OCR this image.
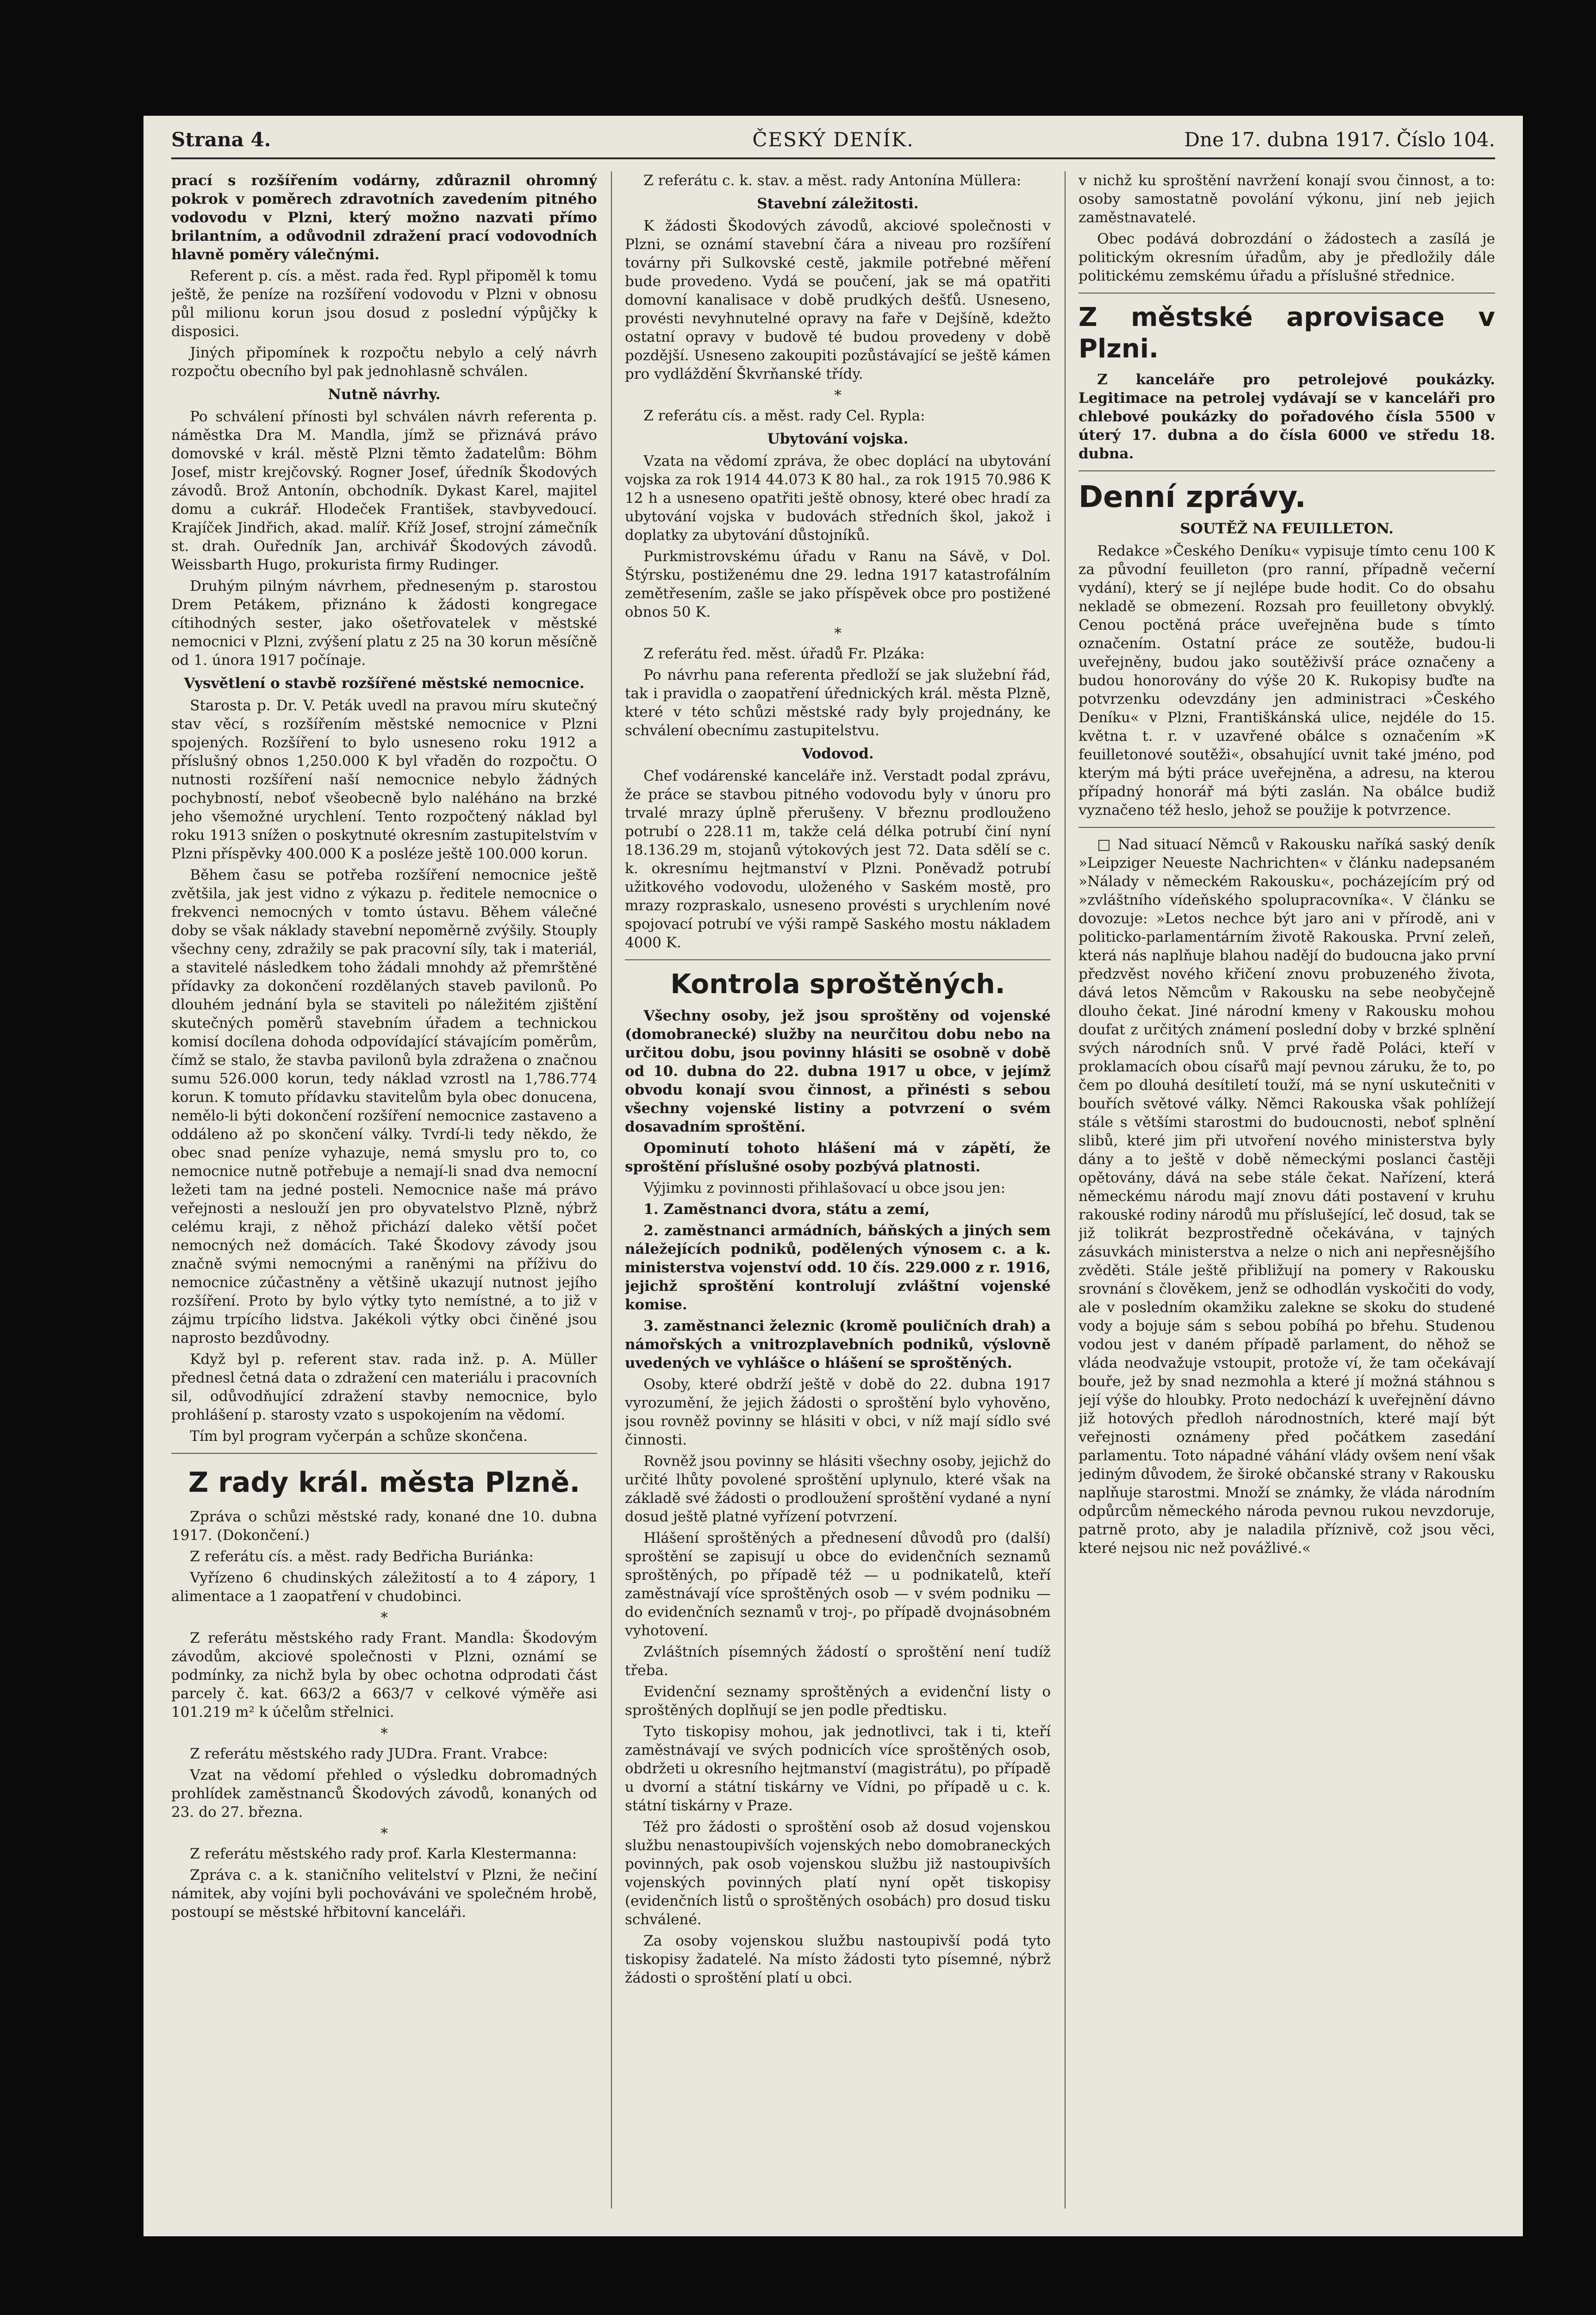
Strana 4.	ČESKÝ DENÍK.	Dne 17. dubna 1917. Číslo 104.

prací s rozšířením vodárny, zdůraznil ohromný pokrok v poměrech zdravotních zavedením pitného vodovodu v Plzni, který možno nazvati přímo brilantním, a odůvodnil zdražení prací vodovodních hlavně poměry válečnými.

Referent p. cís. a měst. rada řed. Rypl připoměl k tomu ještě, že peníze na rozšíření vodovodu v Plzni v obnosu půl milionu korun jsou dosud z poslední výpůjčky k disposici.

Jiných připomínek k rozpočtu nebylo a celý návrh rozpočtu obecního byl pak jednohlasně schválen.

Nutně návrhy.

Po schválení přínosti byl schválen návrh referenta p. náměstka Dra M. Mandla, jímž se přiznává právo domovské v král. městě Plzni těmto žadatelům: Böhm Josef, mistr krejčovský. Rogner Josef, úředník Škodových závodů. Brož Antonín, obchodník. Dykast Karel, majitel domu a cukrář. Hlodeček František, stavbyvedoucí. Krajíček Jindřich, akad. malíř. Kříž Josef, strojní zámečník st. drah. Ouředník Jan, archivář Škodových závodů. Weissbarth Hugo, prokurista firmy Rudinger.

Druhým pilným návrhem, předneseným p. starostou Drem Petákem, přiznáno k žádosti kongregace cítihodných sester, jako ošetřovatelek v městské nemocnici v Plzni, zvýšení platu z 25 na 30 korun měsíčně od 1. února 1917 počínaje.

Vysvětlení o stavbě rozšířené městské nemocnice.

Starosta p. Dr. V. Peták uvedl na pravou míru skutečný stav věcí, s rozšířením městské nemocnice v Plzni spojených. Rozšíření to bylo usneseno roku 1912 a příslušný obnos 1,250.000 K byl vřaděn do rozpočtu. O nutnosti rozšíření naší nemocnice nebylo žádných pochybností, neboť všeobecně bylo naléháno na brzké jeho všemožné urychlení. Tento rozpočtený náklad byl roku 1913 snížen o poskytnuté okresním zastupitelstvím v Plzni příspěvky 400.000 K a posléze ještě 100.000 korun.

Během času se potřeba rozšíření nemocnice ještě zvětšila, jak jest vidno z výkazu p. ředitele nemocnice o frekvenci nemocných v tomto ústavu. Během válečné doby se však náklady stavební nepoměrně zvýšily. Stouply všechny ceny, zdražily se pak pracovní síly, tak i materiál, a stavitelé následkem toho žádali mnohdy až přemrštěné přídavky za dokončení rozdělaných staveb pavilonů. Po dlouhém jednání byla se staviteli po náležitém zjištění skutečných poměrů stavebním úřadem a technickou komisí docílena dohoda odpovídající stávajícím poměrům, čímž se stalo, že stavba pavilonů byla zdražena o značnou sumu 526.000 korun, tedy náklad vzrostl na 1,786.774 korun. K tomuto přídavku stavitelům byla obec donucena, nemělo-li býti dokončení rozšíření nemocnice zastaveno a oddáleno až po skončení války. Tvrdí-li tedy někdo, že obec snad peníze vyhazuje, nemá smyslu pro to, co nemocnice nutně potřebuje a nemají-li snad dva nemocní ležeti tam na jedné posteli. Nemocnice naše má právo veřejnosti a neslouží jen pro obyvatelstvo Plzně, nýbrž celému kraji, z něhož přichází daleko větší počet nemocných než domácích. Také Škodovy závody jsou značně svými nemocnými a raněnými na příživu do nemocnice zúčastněny a většině ukazují nutnost jejího rozšíření. Proto by bylo výtky tyto nemístné, a to již v zájmu trpícího lidstva. Jakékoli výtky obci činěné jsou naprosto bezdůvodny.

Když byl p. referent stav. rada inž. p. A. Müller přednesl četná data o zdražení cen materiálu i pracovních sil, odůvodňující zdražení stavby nemocnice, bylo prohlášení p. starosty vzato s uspokojením na vědomí.

Tím byl program vyčerpán a schůze skončena.

Z rady král. města Plzně.

Zpráva o schůzi městské rady, konané dne 10. dubna 1917. (Dokončení.)

Z referátu cís. a měst. rady Bedřicha Buriánka:

Vyřízeno 6 chudinských záležitostí a to 4 zápory, 1 alimentace a 1 zaopatření v chudobinci.

*

Z referátu městského rady Frant. Mandla: Škodovým závodům, akciové společnosti v Plzni, oznámí se podmínky, za nichž byla by obec ochotna odprodati část parcely č. kat. 663/2 a 663/7 v celkové výměře asi 101.219 m² k účelům střelnici.

*

Z referátu městského rady JUDra. Frant. Vrabce:

Vzat na vědomí přehled o výsledku dobromadných prohlídek zaměstnanců Škodových závodů, konaných od 23. do 27. března.

*

Z referátu městského rady prof. Karla Klestermanna:

Zpráva c. a k. staničního velitelství v Plzni, že nečiní námitek, aby vojíni byli pochováváni ve společném hrobě, postoupí se městské hřbitovní kanceláři.

Z referátu c. k. stav. a měst. rady Antonína Müllera:

Stavební záležitosti.

K žádosti Škodových závodů, akciové společnosti v Plzni, se oznámí stavební čára a niveau pro rozšíření továrny při Sulkovské cestě, jakmile potřebné měření bude provedeno. Vydá se poučení, jak se má opatřiti domovní kanalisace v době prudkých dešťů. Usneseno, provésti nevyhnutelné opravy na faře v Dejšíně, kdežto ostatní opravy v budově té budou provedeny v době pozdější. Usneseno zakoupiti pozůstávající se ještě kámen pro vydláždění Škvrňanské třídy.

*

Z referátu cís. a měst. rady Cel. Rypla:

Ubytování vojska.

Vzata na vědomí zpráva, že obec doplácí na ubytování vojska za rok 1914 44.073 K 80 hal., za rok 1915 70.986 K 12 h a usneseno opatřiti ještě obnosy, které obec hradí za ubytování vojska v budovách středních škol, jakož i doplatky za ubytování důstojníků.

Purkmistrovskému úřadu v Ranu na Sávě, v Dol. Štýrsku, postiženému dne 29. ledna 1917 katastrofálním zemětřesením, zašle se jako příspěvek obce pro postižené obnos 50 K.

*

Z referátu řed. měst. úřadů Fr. Plzáka:

Po návrhu pana referenta předloží se jak služební řád, tak i pravidla o zaopatření úřednických král. města Plzně, které v této schůzi městské rady byly projednány, ke schválení obecnímu zastupitelstvu.

Vodovod.

Chef vodárenské kanceláře inž. Verstadt podal zprávu, že práce se stavbou pitného vodovodu byly v únoru pro trvalé mrazy úplně přerušeny. V březnu prodlouženo potrubí o 228.11 m, takže celá délka potrubí činí nyní 18.136.29 m, stojanů výtokových jest 72. Data sdělí se c. k. okresnímu hejtmanství v Plzni. Poněvadž potrubí užitkového vodovodu, uloženého v Saském mostě, pro mrazy rozpraskalo, usneseno provésti s urychlením nové spojovací potrubí ve výši rampě Saského mostu nákladem 4000 K.

Kontrola sproštěných.

Všechny osoby, jež jsou sproštěny od vojenské (domobranecké) služby na neurčitou dobu nebo na určitou dobu, jsou povinny hlásiti se osobně v době od 10. dubna do 22. dubna 1917 u obce, v jejímž obvodu konají svou činnost, a přinésti s sebou všechny vojenské listiny a potvrzení o svém dosavadním sproštění.

Opominutí tohoto hlášení má v zápětí, že sproštění příslušné osoby pozbývá platnosti.

Výjimku z povinnosti přihlašovací u obce jsou jen:

1. Zaměstnanci dvora, státu a zemí,

2. zaměstnanci armádních, báňských a jiných sem náležejících podniků, podělených výnosem c. a k. ministerstva vojenství odd. 10 čís. 229.000 z r. 1916, jejichž sproštění kontrolují zvláštní vojenské komise.

3. zaměstnanci železnic (kromě pouličních drah) a námořských a vnitrozplavebních podniků, výslovně uvedených ve vyhlášce o hlášení se sproštěných.

Osoby, které obdrží ještě v době do 22. dubna 1917 vyrozumění, že jejich žádosti o sproštění bylo vyhověno, jsou rovněž povinny se hlásiti v obci, v níž mají sídlo své činnosti.

Rovněž jsou povinny se hlásiti všechny osoby, jejichž do určité lhůty povolené sproštění uplynulo, které však na základě své žádosti o prodloužení sproštění vydané a nyní dosud ještě platné vyřízení potvrzení.

Hlášení sproštěných a přednesení důvodů pro (další) sproštění se zapisují u obce do evidenčních seznamů sproštěných, po případě též — u podnikatelů, kteří zaměstnávají více sproštěných osob — v svém podniku — do evidenčních seznamů v troj-, po případě dvojnásobném vyhotovení.

Zvláštních písemných žádostí o sproštění není tudíž třeba.

Evidenční seznamy sproštěných a evidenční listy o sproštěných doplňují se jen podle předtisku.

Tyto tiskopisy mohou, jak jednotlivci, tak i ti, kteří zaměstnávají ve svých podnicích více sproštěných osob, obdržeti u okresního hejtmanství (magistrátu), po případě u dvorní a státní tiskárny ve Vídni, po případě u c. k. státní tiskárny v Praze.

Též pro žádosti o sproštění osob až dosud vojenskou službu nenastoupivších vojenských nebo domobraneckých povinných, pak osob vojenskou službu již nastoupivších vojenských povinných platí nyní opět tiskopisy (evidenčních listů o sproštěných osobách) pro dosud tisku schválené.

Za osoby vojenskou službu nastoupivší podá tyto tiskopisy žadatelé. Na místo žádosti tyto písemné, nýbrž žádosti o sproštění platí u obci.

v nichž ku sproštění navržení konají svou činnost, a to: osoby samostatně povolání výkonu, jiní neb jejich zaměstnavatelé.

Obec podává dobrozdání o žádostech a zasílá je politickým okresním úřadům, aby je předložily dále politickému zemskému úřadu a příslušné střednice.

Z městské aprovisace v Plzni.

Z kanceláře pro petrolejové poukázky. Legitimace na petrolej vydávají se v kanceláři pro chlebové poukázky do pořadového čísla 5500 v úterý 17. dubna a do čísla 6000 ve středu 18. dubna.

Denní zprávy.

SOUTĚŽ NA FEUILLETON.

Redakce »Českého Deníku« vypisuje tímto cenu 100 K za původní feuilleton (pro ranní, případně večerní vydání), který se jí nejlépe bude hodit. Co do obsahu nekladě se obmezení. Rozsah pro feuilletony obvyklý. Cenou poctěná práce uveřejněna bude s tímto označením. Ostatní práce ze soutěže, budou-li uveřejněny, budou jako soutěživší práce označeny a budou honorovány do výše 20 K. Rukopisy buďte na potvrzenku odevzdány jen administraci »Českého Deníku« v Plzni, Františkánská ulice, nejdéle do 15. května t. r. v uzavřené obálce s označením »K feuilletonové soutěži«, obsahující uvnit také jméno, pod kterým má býti práce uveřejněna, a adresu, na kterou případný honorář má býti zaslán. Na obálce budiž vyznačeno též heslo, jehož se použije k potvrzence.

□ Nad situací Němců v Rakousku naříká saský deník »Leipziger Neueste Nachrichten« v článku nadepsaném »Nálady v německém Rakousku«, pocházejícím prý od »zvláštního vídeňského spolupracovníka«. V článku se dovozuje: »Letos nechce být jaro ani v přírodě, ani v politicko-parlamentárním životě Rakouska. První zeleň, která nás naplňuje blahou nadějí do budoucna jako první předzvěst nového křičení znovu probuzeného života, dává letos Němcům v Rakousku na sebe neobyčejně dlouho čekat. Jiné národní kmeny v Rakousku mohou doufat z určitých známení poslední doby v brzké splnění svých národních snů. V prvé řadě Poláci, kteří v proklamacích obou císařů mají pevnou záruku, že to, po čem po dlouhá desítiletí touží, má se nyní uskutečniti v bouřích světové války. Němci Rakouska však pohlížejí stále s většími starostmi do budoucnosti, neboť splnění slibů, které jim při utvoření nového ministerstva byly dány a to ještě v době německými poslanci častěji opětovány, dává na sebe stále čekat. Nařízení, která německému národu mají znovu dáti postavení v kruhu rakouské rodiny národů mu příslušející, leč dosud, tak se již tolikrát bezprostředně očekávána, v tajných zásuvkách ministerstva a nelze o nich ani nepřesnějšího zvěděti. Stále ještě přibližují na pomery v Rakousku srovnání s člověkem, jenž se odhodlán vyskočiti do vody, ale v posledním okamžiku zalekne se skoku do studené vody a bojuje sám s sebou pobíhá po břehu. Studenou vodou jest v daném případě parlament, do něhož se vláda neodvažuje vstoupit, protože ví, že tam očekávají bouře, jež by snad nezmohla a které jí možná stáhnou s její výše do hloubky. Proto nedochází k uveřejnění dávno již hotových předloh národnostních, které mají být veřejnosti oznámeny před počátkem zasedání parlamentu. Toto nápadné váhání vlády ovšem není však jediným důvodem, že široké občanské strany v Rakousku naplňuje starostmi. Množí se známky, že vláda národním odpůrcům německého národa pevnou rukou nevzdoruje, patrně proto, aby je naladila příznivě, což jsou věci, které nejsou nic než povážlivé.«
